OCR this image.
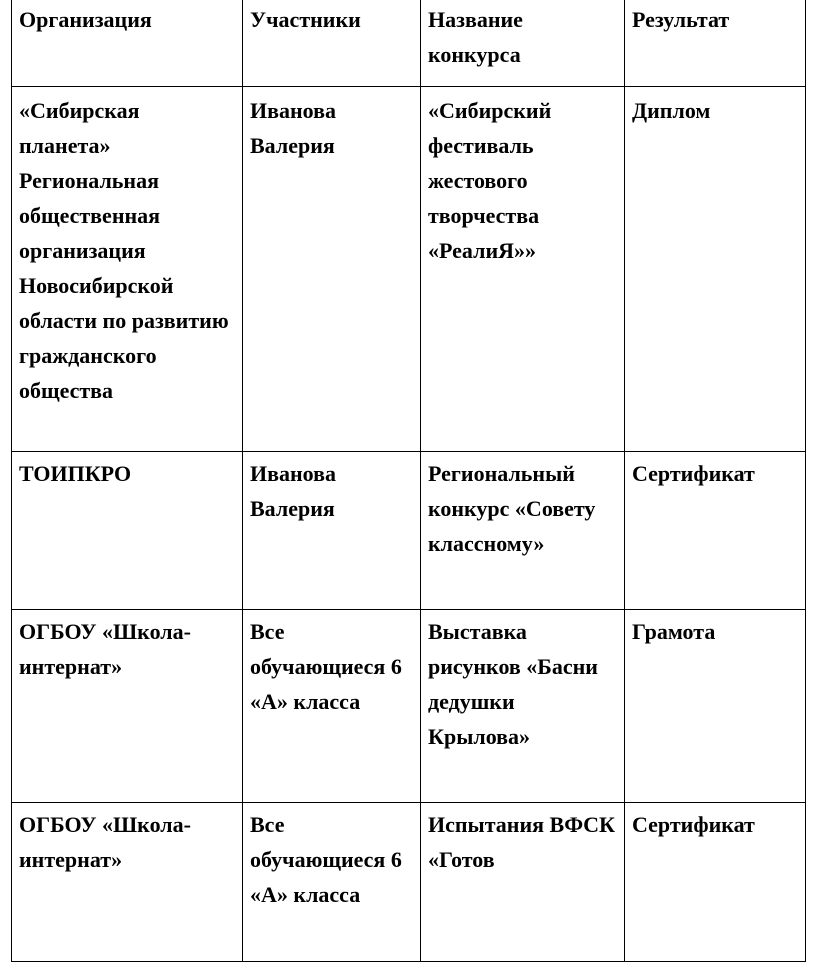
Организация	Участники	Название конкурса	Результат
«Сибирская планета» Региональная общественная организация Новосибирской области по развитию гражданского общества	Иванова Валерия	«Сибирский фестиваль жестового творчества «РеалиЯ»»	Диплом
ТОИПКРО	Иванова Валерия	Региональный конкурс «Совету классному»	Сертификат
ОГБОУ «Школа-интернат»	Все обучающиеся 6 «А» класса	Выставка рисунков «Басни дедушки Крылова»	Грамота
ОГБОУ «Школа-интернат»	Все обучающиеся 6 «А» класса	Испытания ВФСК «Готов	Сертификат
